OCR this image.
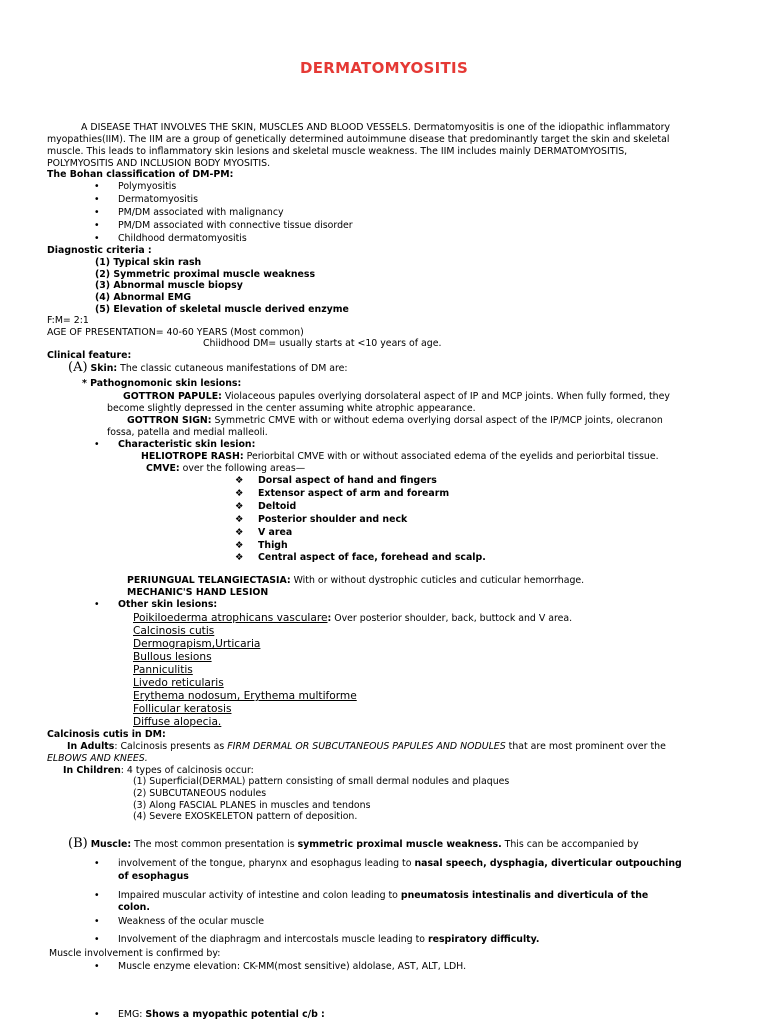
DERMATOMYOSITIS
A DISEASE THAT INVOLVES THE SKIN, MUSCLES AND BLOOD VESSELS. Dermatomyositis is one of the idiopathic inflammatory
myopathies(IIM). The IIM are a group of genetically determined autoimmune disease that predominantly target the skin and skeletal
muscle. This leads to inflammatory skin lesions and skeletal muscle weakness. The IIM includes mainly DERMATOMYOSITIS,
POLYMYOSITIS AND INCLUSION BODY MYOSITIS.
The Bohan classification of DM-PM:
• Polymyositis
• Dermatomyositis
• PM/DM associated with malignancy
• PM/DM associated with connective tissue disorder
• Childhood dermatomyositis
Diagnostic criteria :
(1) Typical skin rash
(2) Symmetric proximal muscle weakness
(3) Abnormal muscle biopsy
(4) Abnormal EMG
(5) Elevation of skeletal muscle derived enzyme
F:M= 2:1
AGE OF PRESENTATION= 40-60 YEARS (Most common)
Chiidhood DM= usually starts at <10 years of age.
Clinical feature:
(A) Skin: The classic cutaneous manifestations of DM are:
* Pathognomonic skin lesions:
GOTTRON PAPULE: Violaceous papules overlying dorsolateral aspect of IP and MCP joints. When fully formed, they
become slightly depressed in the center assuming white atrophic appearance.
GOTTRON SIGN: Symmetric CMVE with or without edema overlying dorsal aspect of the IP/MCP joints, olecranon
fossa, patella and medial malleoli.
• Characteristic skin lesion:
HELIOTROPE RASH: Periorbital CMVE with or without associated edema of the eyelids and periorbital tissue.
CMVE: over the following areas—
❖ Dorsal aspect of hand and fingers
❖ Extensor aspect of arm and forearm
❖ Deltoid
❖ Posterior shoulder and neck
❖ V area
❖ Thigh
❖ Central aspect of face, forehead and scalp.
PERIUNGUAL TELANGIECTASIA: With or without dystrophic cuticles and cuticular hemorrhage.
MECHANIC'S HAND LESION
• Other skin lesions:
Poikiloederma atrophicans vasculare: Over posterior shoulder, back, buttock and V area.
Calcinosis cutis
Dermograpism,Urticaria
Bullous lesions
Panniculitis
Livedo reticularis
Erythema nodosum, Erythema multiforme
Follicular keratosis
Diffuse alopecia.
Calcinosis cutis in DM:
In Adults: Calcinosis presents as FIRM DERMAL OR SUBCUTANEOUS PAPULES AND NODULES that are most prominent over the
ELBOWS AND KNEES.
In Children: 4 types of calcinosis occur:
(1) Superficial(DERMAL) pattern consisting of small dermal nodules and plaques
(2) SUBCUTANEOUS nodules
(3) Along FASCIAL PLANES in muscles and tendons
(4) Severe EXOSKELETON pattern of deposition.
(B) Muscle: The most common presentation is symmetric proximal muscle weakness. This can be accompanied by
• involvement of the tongue, pharynx and esophagus leading to nasal speech, dysphagia, diverticular outpouching
of esophagus
• Impaired muscular activity of intestine and colon leading to pneumatosis intestinalis and diverticula of the
colon.
• Weakness of the ocular muscle
• Involvement of the diaphragm and intercostals muscle leading to respiratory difficulty.
Muscle involvement is confirmed by:
• Muscle enzyme elevation: CK-MM(most sensitive) aldolase, AST, ALT, LDH.
• EMG: Shows a myopathic potential c/b :
